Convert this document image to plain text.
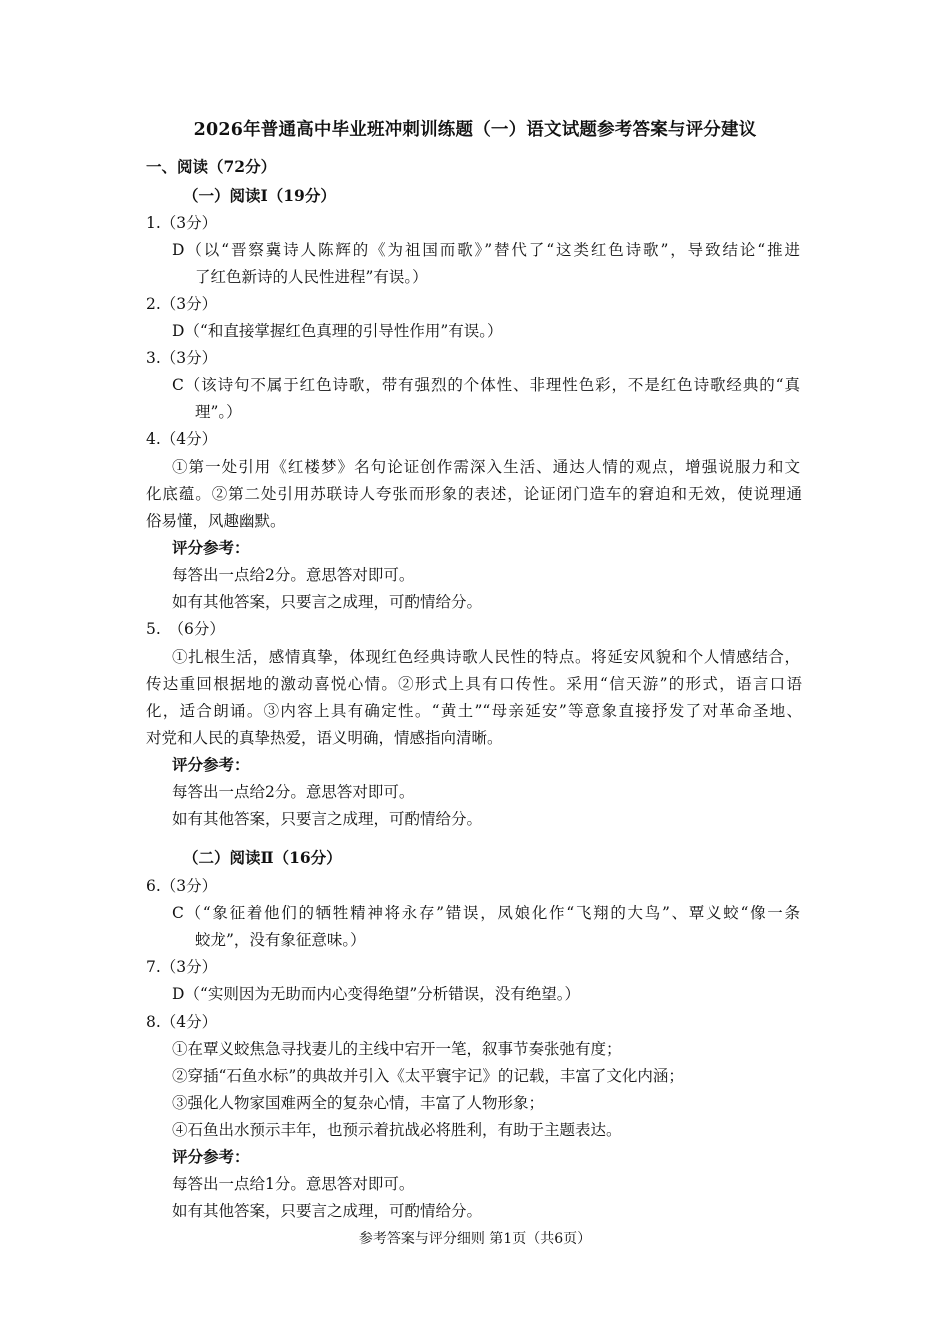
2026年普通高中毕业班冲刺训练题（一）语文试题参考答案与评分建议
一、阅读（72分）
（一）阅读Ⅰ（19分）
1.（3分）
D（以“晋察冀诗人陈辉的《为祖国而歌》”替代了“这类红色诗歌”，导致结论“推进
了红色新诗的人民性进程”有误。）
2.（3分）
D（“和直接掌握红色真理的引导性作用”有误。）
3.（3分）
C（该诗句不属于红色诗歌，带有强烈的个体性、非理性色彩，不是红色诗歌经典的“真
理”。）
4.（4分）
①第一处引用《红楼梦》名句论证创作需深入生活、通达人情的观点，增强说服力和文
化底蕴。②第二处引用苏联诗人夸张而形象的表述，论证闭门造车的窘迫和无效，使说理通
俗易懂，风趣幽默。
评分参考：
每答出一点给2分。意思答对即可。
如有其他答案，只要言之成理，可酌情给分。
5.　（6分）
①扎根生活，感情真挚，体现红色经典诗歌人民性的特点。将延安风貌和个人情感结合，
传达重回根据地的激动喜悦心情。②形式上具有口传性。采用“信天游”的形式，语言口语
化，适合朗诵。③内容上具有确定性。“黄土”“母亲延安”等意象直接抒发了对革命圣地、
对党和人民的真挚热爱，语义明确，情感指向清晰。
评分参考：
每答出一点给2分。意思答对即可。
如有其他答案，只要言之成理，可酌情给分。
（二）阅读Ⅱ（16分）
6.（3分）
C（“象征着他们的牺牲精神将永存”错误，凤娘化作“飞翔的大鸟”、覃义蛟“像一条
蛟龙”，没有象征意味。）
7.（3分）
D（“实则因为无助而内心变得绝望”分析错误，没有绝望。）
8.（4分）
①在覃义蛟焦急寻找妻儿的主线中宕开一笔，叙事节奏张弛有度；
②穿插“石鱼水标”的典故并引入《太平寰宇记》的记载，丰富了文化内涵；
③强化人物家国难两全的复杂心情，丰富了人物形象；
④石鱼出水预示丰年，也预示着抗战必将胜利，有助于主题表达。
评分参考：
每答出一点给1分。意思答对即可。
如有其他答案，只要言之成理，可酌情给分。
参考答案与评分细则 第1页（共6页）
